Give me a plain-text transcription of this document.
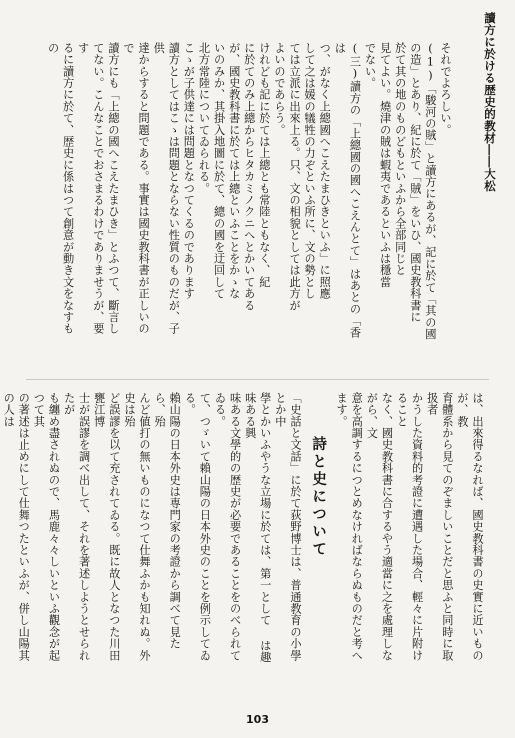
讀方に於ける歴史的教材――大松
それでよろしい。
(1)「駿河の賊」と讀方にあるが、記に於て「其の國
の造」とあり、紀に於て「賊」をいひ、國史教科書に
於て其の地のものどもといふから全部同じと
見てよい。燒津の賊は蝦夷であるといふは穩當
でない。
(三)讀方の「上總國の國へこえんとて」はあとの「香は
つ、がなく上總國へこえたまひきといふ」に照應
して之は媛の犠牲の力ぞといふ所に、文の勢とし
ては立派に出來上る。只、文の相貌としては此方が
よいのであらう。
けれども記に於ては上總とも常陸ともなく、紀
に於てのみ上總からヒタカミノクニへとかいてある
が、國史教科書に於ては上總といふことをかゝな
いのみか、其掛入地圖に於て、總の國を迂回して
北方常陸についてゐられる。
こゝが子供達には問題となつてくるのであります
讀方としてはこゝは問題とならない性質のものだが、子供
達からすると問題である。事實は國史教科書が正しいので
讀方にも「上總の國へこえたまひき」とふつて、斷言し
てない。こんなことでおさまるわけでありませうが、要す
るに讀方に於て、歴史に係はつて創意が動き文をなすもの
は、出來得るなれば、國史教科書の史實に近いものが、教
育體系から見てのぞましいことだと思ふと同時に取扱者
かうした資料的考證に遭遇した場合、輕々に片附けること
なく、國史教科書に合するやう適當に之を處理しながら、文
意を高調するにつとめなければならぬものだと考へます。
詩と史について
「史話と文話」に於て荻野博士は、普通教育の小學とか中
學とかいふやうな立場に於ては、第一として は趣味ある興
味ある文學的の歴史が必要であることをのべられてゐる。
て、つゞいて賴山陽の日本外史のことを例示してゐる。
賴山陽の日本外史は専門家の考證から調べて見たら、殆
んど値打の無いものになつて仕舞ふかも知れぬ。外史は殆
ど誤謬を以て充されてゐる。既に故人となつた川田甕江博
士が誤謬を調べ出して、それを著述しようとせられたが
も纏め盡されぬので、馬鹿々々しいといふ觀念が起つて其
の著述は止めにして仕舞つたといふが、併し山陽其の人は
103
